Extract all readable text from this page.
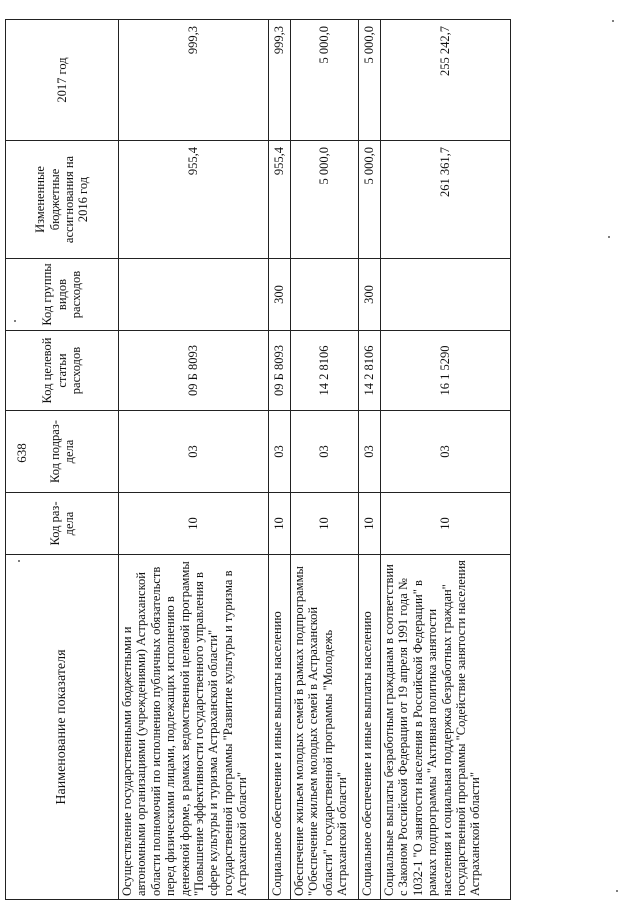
638
Наименование показателя	Код раз-дела	Код подраз-дела	Код целевой статьи расходов	Код группы видов расходов	Измененные бюджетные ассигнования на 2016 год	2017 год
Осуществление государственными бюджетными и автономными организациями (учреждениями) Астраханской области полномочий по исполнению публичных обязательств перед физическими лицами, подлежащих исполнению в денежной форме, в рамках ведомственной целевой программы "Повышение эффективности государственного управления в сфере культуры и туризма Астраханской области" государственной программы "Развитие культуры и туризма в Астраханской области"	10	03	09 Б 8093		955,4	999,3
Социальное обеспечение и иные выплаты населению	10	03	09 Б 8093	300	955,4	999,3
Обеспечение жильем молодых семей в рамках подпрограммы "Обеспечение жильем молодых семей в Астраханской области" государственной программы "Молодежь Астраханской области"	10	03	14 2 8106		5 000,0	5 000,0
Социальное обеспечение и иные выплаты населению	10	03	14 2 8106	300	5 000,0	5 000,0
Социальные выплаты безработным гражданам в соответствии с Законом Российской Федерации от 19 апреля 1991 года № 1032-1 "О занятости населения в Российской Федерации" в рамках подпрограммы "Активная политика занятости населения и социальная поддержка безработных граждан" государственной программы "Содействие занятости населения Астраханской области"	10	03	16 1 5290		261 361,7	255 242,7
